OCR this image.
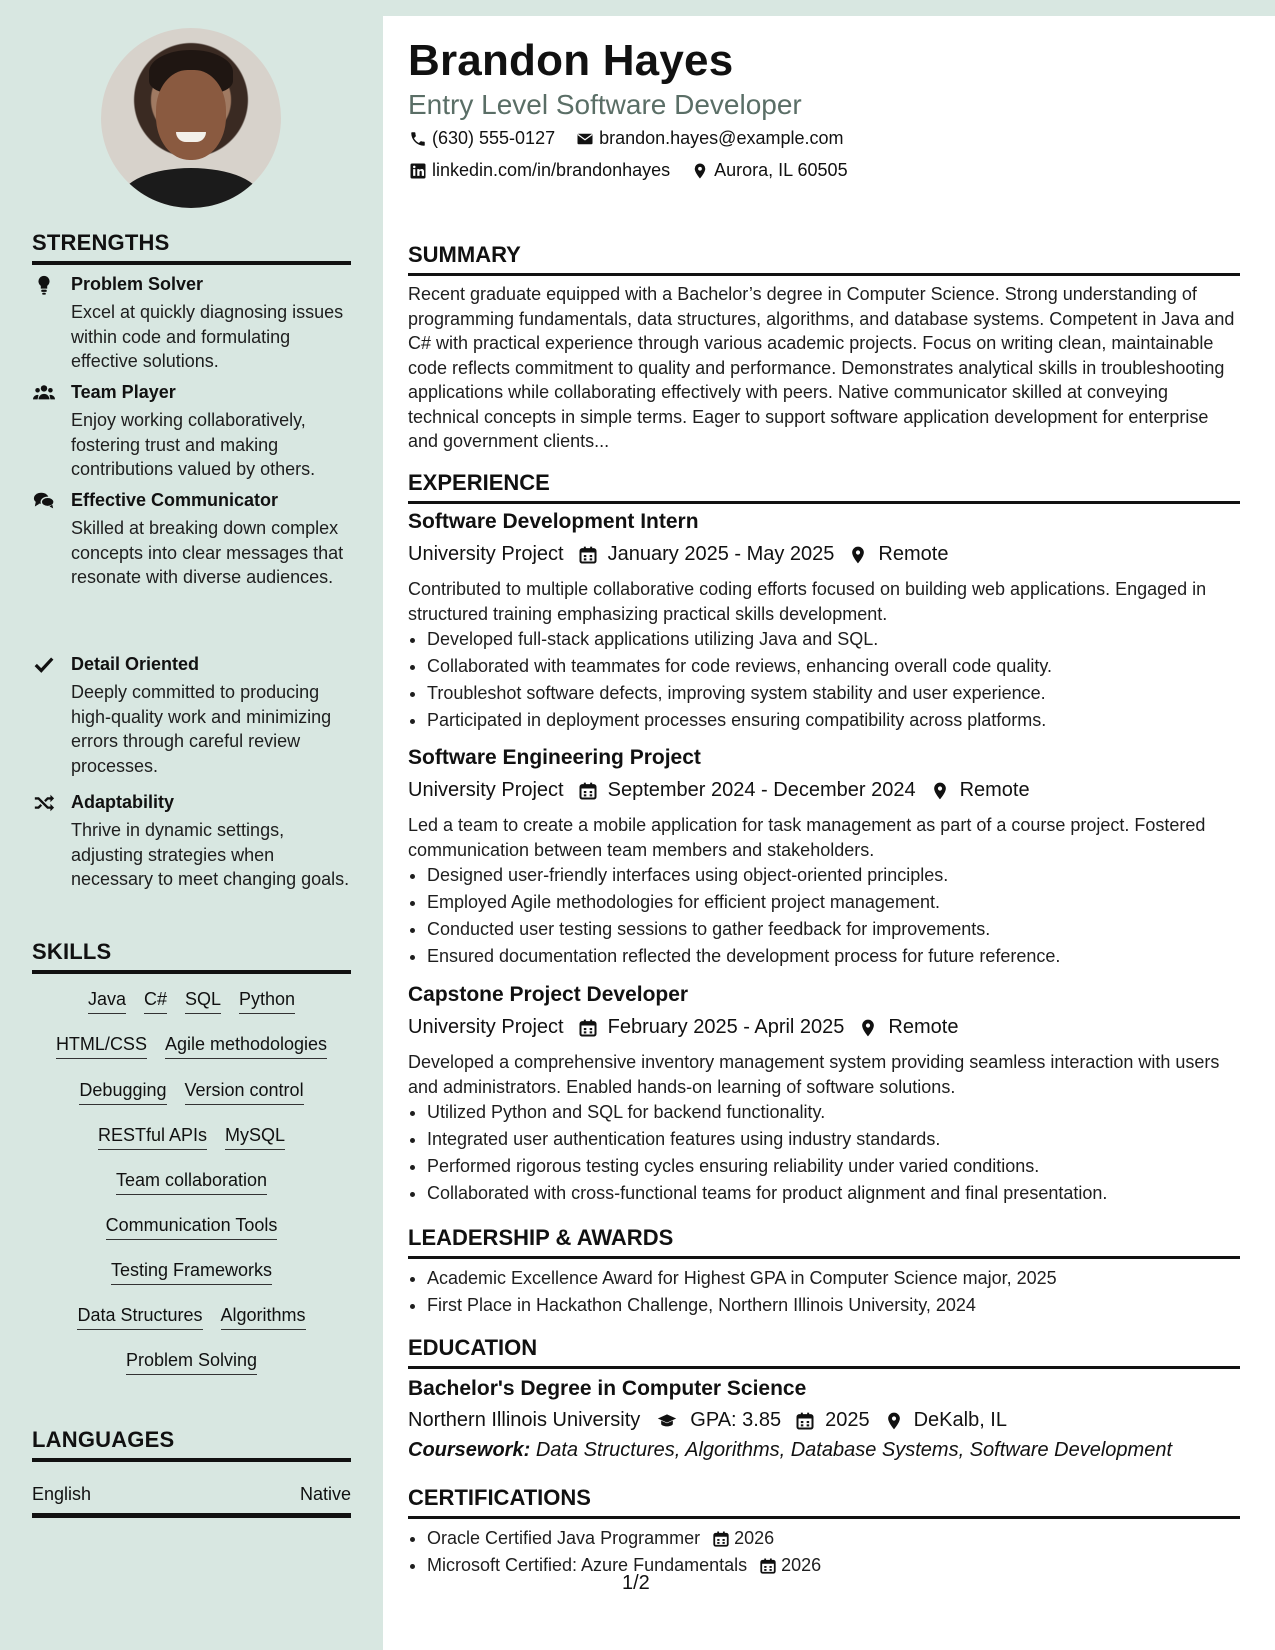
STRENGTHS
Problem Solver
Excel at quickly diagnosing issues within code and formulating effective solutions.
Team Player
Enjoy working collaboratively, fostering trust and making contributions valued by others.
Effective Communicator
Skilled at breaking down complex concepts into clear messages that resonate with diverse audiences.
Detail Oriented
Deeply committed to producing high-quality work and minimizing errors through careful review processes.
Adaptability
Thrive in dynamic settings, adjusting strategies when necessary to meet changing goals.
SKILLS
Java C# SQL Python
HTML/CSS Agile methodologies
Debugging Version control
RESTful APIs MySQL
Team collaboration
Communication Tools
Testing Frameworks
Data Structures Algorithms
Problem Solving
LANGUAGES
English	Native
Brandon Hayes
Entry Level Software Developer
(630) 555-0127 brandon.hayes@example.com
linkedin.com/in/brandonhayes Aurora, IL 60505
SUMMARY
Recent graduate equipped with a Bachelor’s degree in Computer Science. Strong understanding of programming fundamentals, data structures, algorithms, and database systems. Competent in Java and C# with practical experience through various academic projects. Focus on writing clean, maintainable code reflects commitment to quality and performance. Demonstrates analytical skills in troubleshooting applications while collaborating effectively with peers. Native communicator skilled at conveying technical concepts in simple terms. Eager to support software application development for enterprise and government clients...
EXPERIENCE
Software Development Intern
University Project January 2025 - May 2025 Remote
Contributed to multiple collaborative coding efforts focused on building web applications. Engaged in structured training emphasizing practical skills development.
• Developed full-stack applications utilizing Java and SQL.
• Collaborated with teammates for code reviews, enhancing overall code quality.
• Troubleshot software defects, improving system stability and user experience.
• Participated in deployment processes ensuring compatibility across platforms.
Software Engineering Project
University Project September 2024 - December 2024 Remote
Led a team to create a mobile application for task management as part of a course project. Fostered communication between team members and stakeholders.
• Designed user-friendly interfaces using object-oriented principles.
• Employed Agile methodologies for efficient project management.
• Conducted user testing sessions to gather feedback for improvements.
• Ensured documentation reflected the development process for future reference.
Capstone Project Developer
University Project February 2025 - April 2025 Remote
Developed a comprehensive inventory management system providing seamless interaction with users and administrators. Enabled hands-on learning of software solutions.
• Utilized Python and SQL for backend functionality.
• Integrated user authentication features using industry standards.
• Performed rigorous testing cycles ensuring reliability under varied conditions.
• Collaborated with cross-functional teams for product alignment and final presentation.
LEADERSHIP & AWARDS
• Academic Excellence Award for Highest GPA in Computer Science major, 2025
• First Place in Hackathon Challenge, Northern Illinois University, 2024
EDUCATION
Bachelor's Degree in Computer Science
Northern Illinois University	GPA: 3.85 2025 DeKalb, IL
Coursework: Data Structures, Algorithms, Database Systems, Software Development
CERTIFICATIONS
• Oracle Certified Java Programmer 2026
• Microsoft Certified: Azure Fundamentals 2026
1/2
